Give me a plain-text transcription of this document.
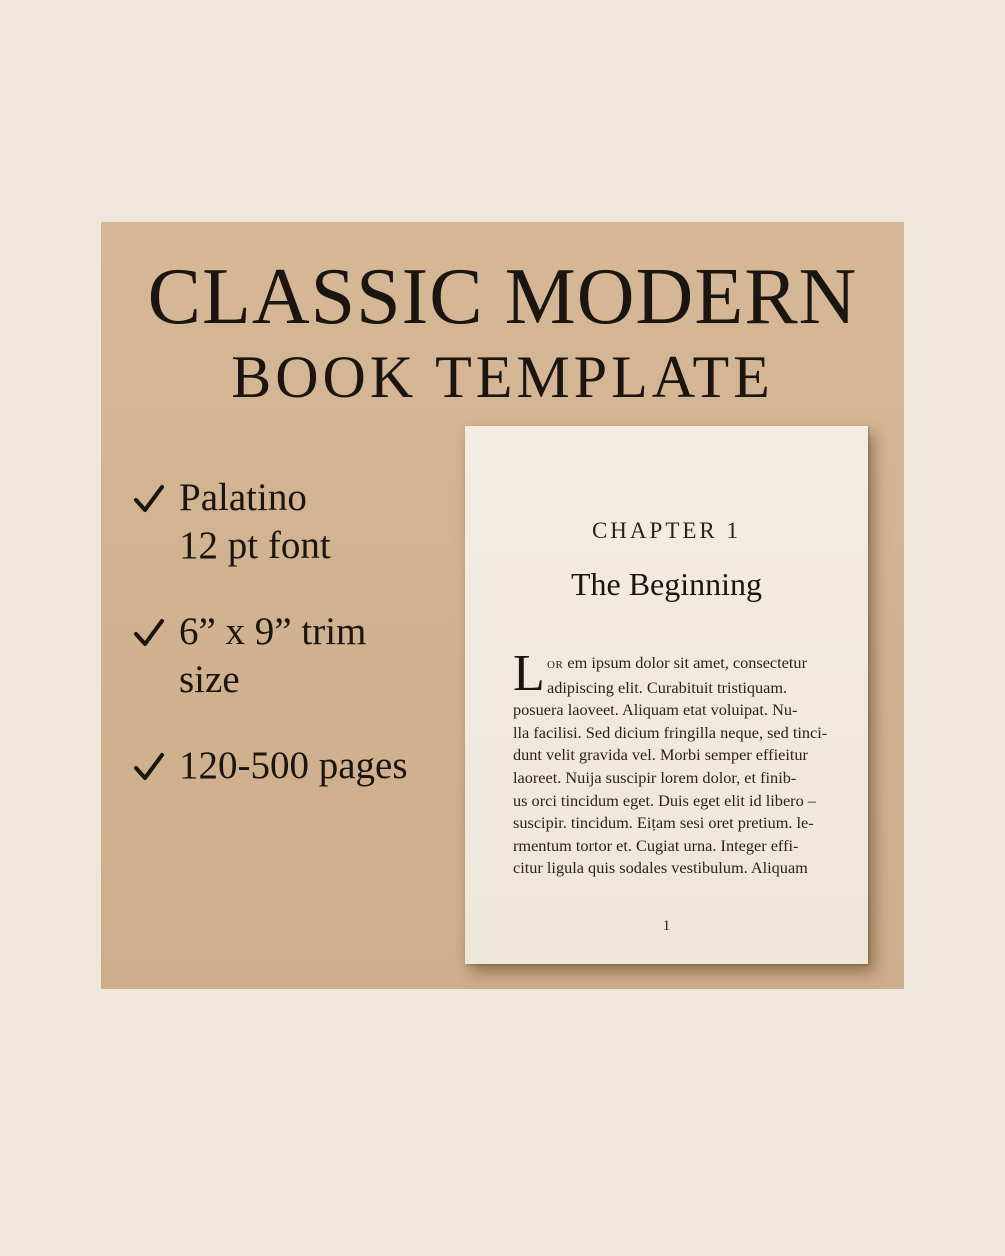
CLASSIC MODERN
BOOK TEMPLATE
Palatino
12 pt font
6” x 9” trim
size
120-500 pages
CHAPTER 1
The Beginning
L OR em ipsum dolor sit amet, consectetur
adipiscing elit. Curabituit tristiquam.
posuera laoveet. Aliquam etat voluipat. Nu-
lla facilisi. Sed dicium fringilla neque, sed tinci-
dunt velit gravida vel. Morbi semper effieitur
laoreet. Nuija suscipir lorem dolor, et finib-
us orci tincidum eget. Duis eget elit id libero –
suscipir. tincidum. Eiṭam sesi oret pretium. le-
rmentum tortor et. Cugiat urna. Integer effi-
citur ligula quis sodales vestibulum. Aliquam
1
